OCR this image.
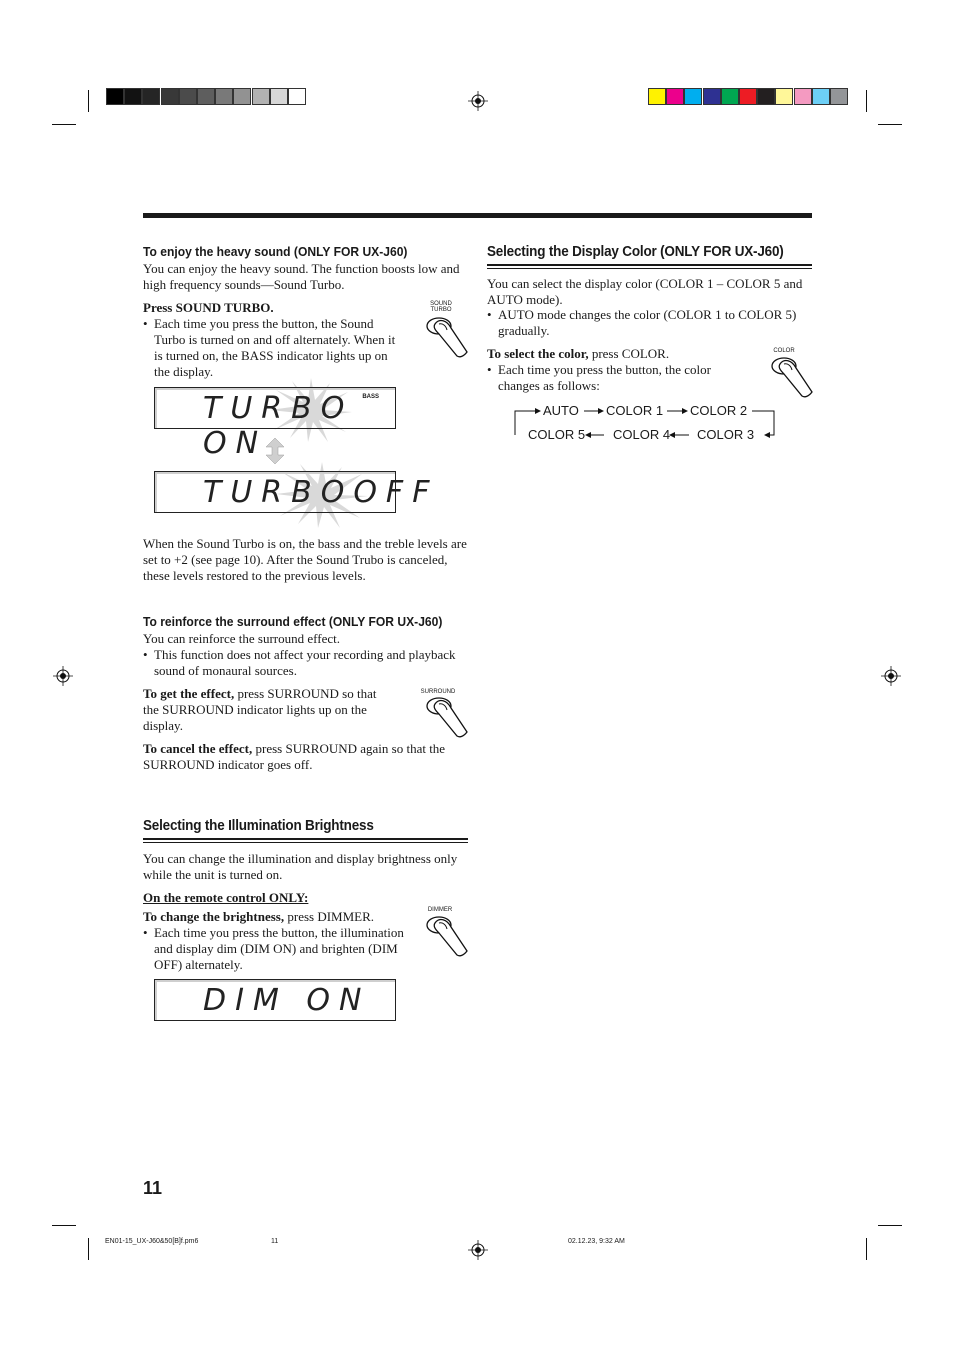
To enjoy the heavy sound (ONLY FOR UX-J60)
You can enjoy the heavy sound. The function boosts low and high frequency sounds—Sound Turbo.
Press SOUND TURBO.
• Each time you press the button, the Sound Turbo is turned on and off alternately. When it is turned on, the BASS indicator lights up on the display.
SOUND TURBO
TURBO ON
BASS
TURBOOFF
When the Sound Turbo is on, the bass and the treble levels are set to +2 (see page 10). After the Sound Trubo is canceled, these levels restored to the previous levels.
To reinforce the surround effect (ONLY FOR UX-J60)
You can reinforce the surround effect.
• This function does not affect your recording and playback sound of monaural sources.
To get the effect, press SURROUND so that the SURROUND indicator lights up on the display.
To cancel the effect, press SURROUND again so that the SURROUND indicator goes off.
SURROUND
Selecting the Illumination Brightness
You can change the illumination and display brightness only while the unit is turned on.
On the remote control ONLY:
To change the brightness, press DIMMER.
• Each time you press the button, the illumination and display dim (DIM ON) and brighten (DIM OFF) alternately.
DIMMER
DIM ON
Selecting the Display Color (ONLY FOR UX-J60)
You can select the display color (COLOR 1 – COLOR 5 and AUTO mode).
• AUTO mode changes the color (COLOR 1 to COLOR 5) gradually.
To select the color, press COLOR.
• Each time you press the button, the color changes as follows:
COLOR
AUTO COLOR 1 COLOR 2
COLOR 3
COLOR 4
COLOR 5
11
EN01-15_UX-J60&50[B]f.pm6	11	02.12.23, 9:32 AM
